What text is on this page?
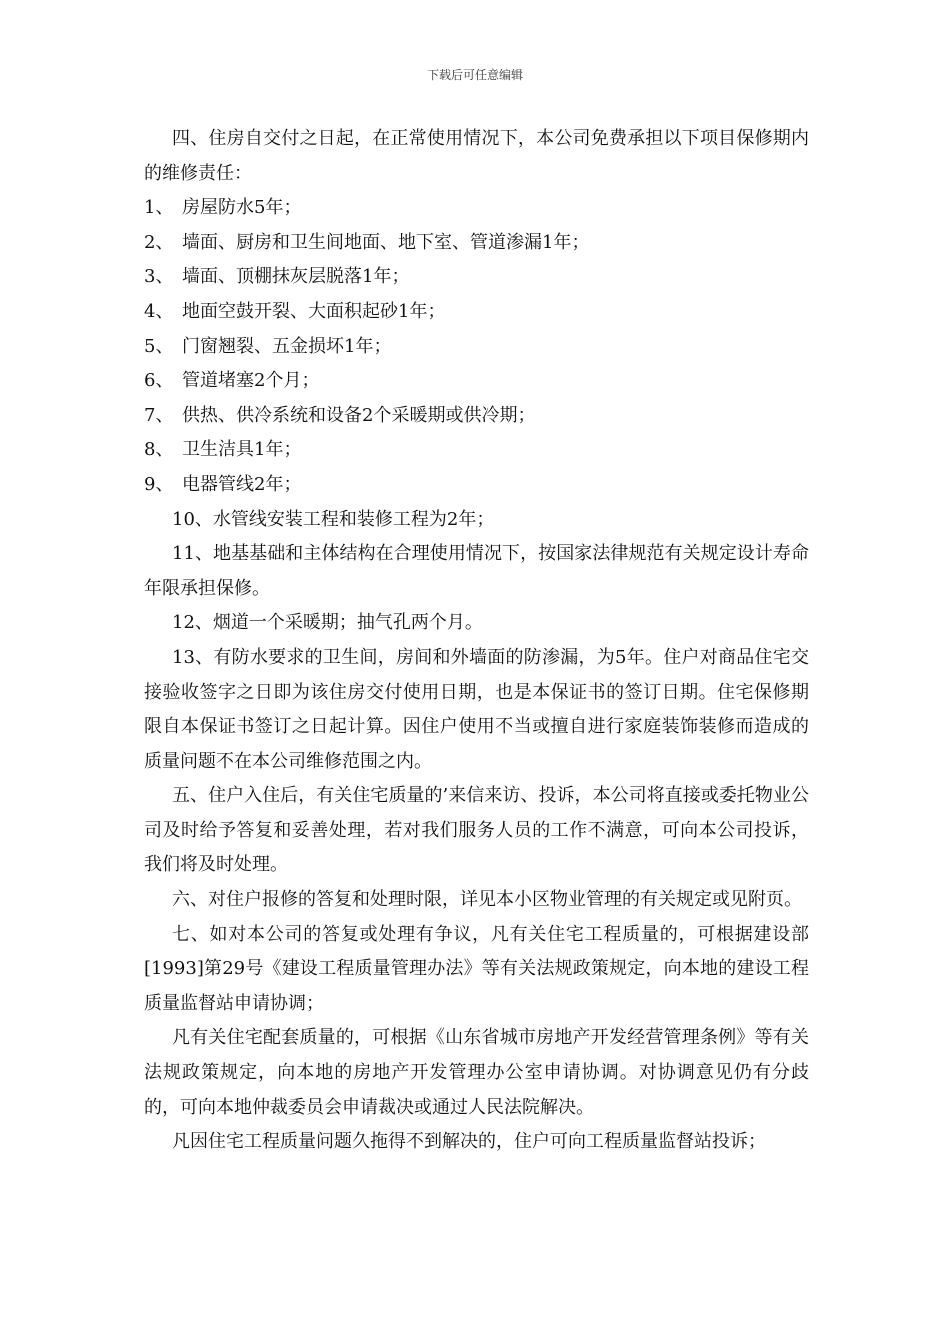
下载后可任意编辑

四、住房自交付之日起，在正常使用情况下，本公司免费承担以下项目保修期内的维修责任：

1、 房屋防水5年；

2、 墙面、厨房和卫生间地面、地下室、管道渗漏1年；

3、 墙面、顶棚抹灰层脱落1年；

4、 地面空鼓开裂、大面积起砂1年；

5、 门窗翘裂、五金损坏1年；

6、 管道堵塞2个月；

7、 供热、供冷系统和设备2个采暖期或供冷期；

8、 卫生洁具1年；

9、 电器管线2年；

10、水管线安装工程和装修工程为2年；

11、地基基础和主体结构在合理使用情况下，按国家法律规范有关规定设计寿命年限承担保修。

12、烟道一个采暖期；抽气孔两个月。

13、有防水要求的卫生间，房间和外墙面的防渗漏，为5年。住户对商品住宅交接验收签字之日即为该住房交付使用日期，也是本保证书的签订日期。住宅保修期限自本保证书签订之日起计算。因住户使用不当或擅自进行家庭装饰装修而造成的质量问题不在本公司维修范围之内。

五、住户入住后，有关住宅质量的’来信来访、投诉，本公司将直接或委托物业公司及时给予答复和妥善处理，若对我们服务人员的工作不满意，可向本公司投诉，我们将及时处理。

六、对住户报修的答复和处理时限，详见本小区物业管理的有关规定或见附页。

七、如对本公司的答复或处理有争议，凡有关住宅工程质量的，可根据建设部[1993]第29号《建设工程质量管理办法》等有关法规政策规定，向本地的建设工程质量监督站申请协调；

凡有关住宅配套质量的，可根据《山东省城市房地产开发经营管理条例》等有关法规政策规定，向本地的房地产开发管理办公室申请协调。对协调意见仍有分歧的，可向本地仲裁委员会申请裁决或通过人民法院解决。

凡因住宅工程质量问题久拖得不到解决的，住户可向工程质量监督站投诉；
